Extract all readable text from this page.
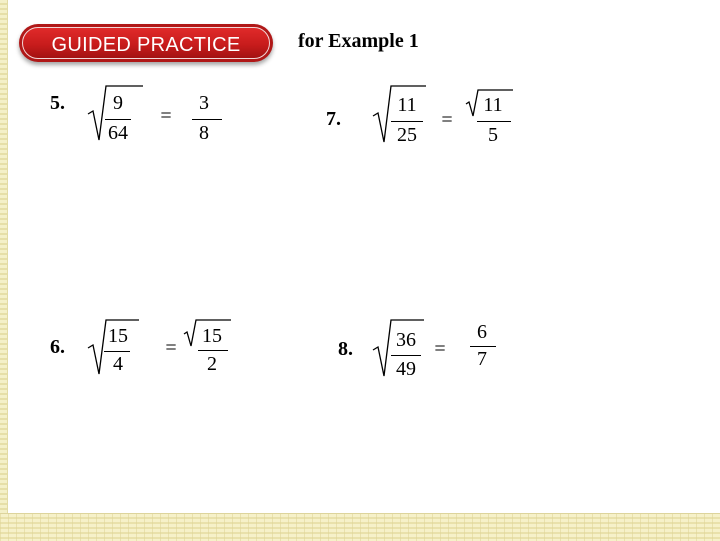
GUIDED PRACTICE	for Example 1
5.	9
64
=
3
8
6.	15
4
=
15
2
7.
11
25
=
11
5
8.	36
49
=
6
7
